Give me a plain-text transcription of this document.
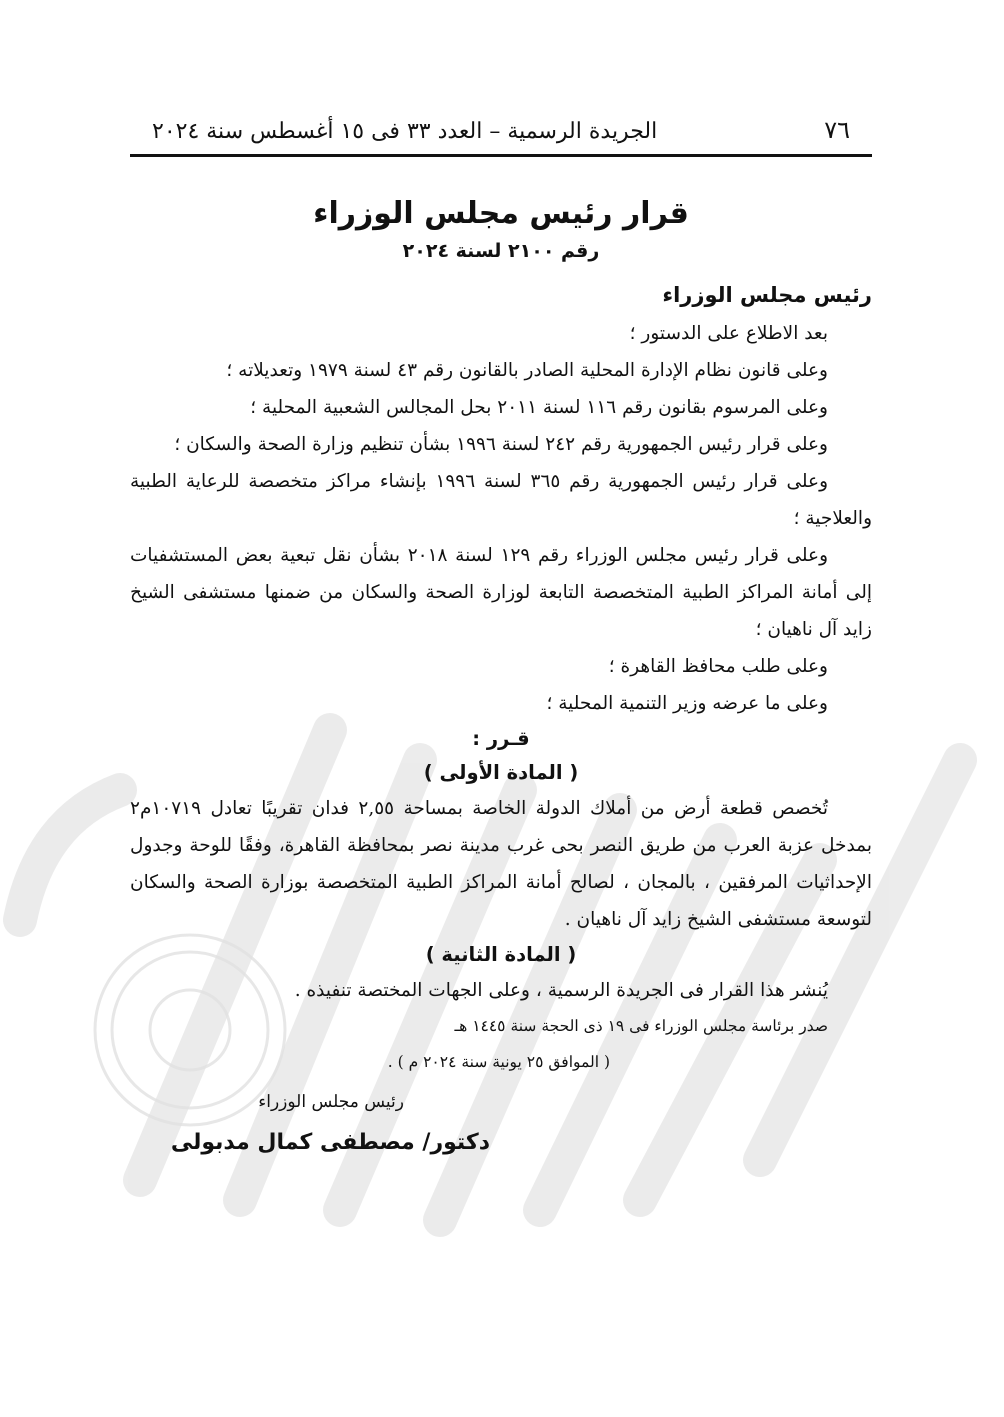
٧٦
الجريدة الرسمية – العدد ٣٣ فى ١٥ أغسطس سنة ٢٠٢٤
قرار رئيس مجلس الوزراء
رقم ٢١٠٠ لسنة ٢٠٢٤
رئيس مجلس الوزراء

بعد الاطلاع على الدستور ؛

وعلى قانون نظام الإدارة المحلية الصادر بالقانون رقم ٤٣ لسنة ١٩٧٩ وتعديلاته ؛

وعلى المرسوم بقانون رقم ١١٦ لسنة ٢٠١١ بحل المجالس الشعبية المحلية ؛

وعلى قرار رئيس الجمهورية رقم ٢٤٢ لسنة ١٩٩٦ بشأن تنظيم وزارة الصحة والسكان ؛

وعلى قرار رئيس الجمهورية رقم ٣٦٥ لسنة ١٩٩٦ بإنشاء مراكز متخصصة للرعاية الطبية والعلاجية ؛

وعلى قرار رئيس مجلس الوزراء رقم ١٢٩ لسنة ٢٠١٨ بشأن نقل تبعية بعض المستشفيات إلى أمانة المراكز الطبية المتخصصة التابعة لوزارة الصحة والسكان من ضمنها مستشفى الشيخ زايد آل ناهيان ؛

وعلى طلب محافظ القاهرة ؛

وعلى ما عرضه وزير التنمية المحلية ؛

قـرر :
( المادة الأولى )

تُخصص قطعة أرض من أملاك الدولة الخاصة بمساحة ٢,٥٥ فدان تقريبًا تعادل ١٠٧١٩م٢ بمدخل عزبة العرب من طريق النصر بحى غرب مدينة نصر بمحافظة القاهرة، وفقًا للوحة وجدول الإحداثيات المرفقين ، بالمجان ، لصالح أمانة المراكز الطبية المتخصصة بوزارة الصحة والسكان لتوسعة مستشفى الشيخ زايد آل ناهيان .

( المادة الثانية )

يُنشر هذا القرار فى الجريدة الرسمية ، وعلى الجهات المختصة تنفيذه .

صدر برئاسة مجلس الوزراء فى ١٩ ذى الحجة سنة ١٤٤٥ هـ
( الموافق ٢٥ يونية سنة ٢٠٢٤ م ) .
رئيس مجلس الوزراء
دكتور/ مصطفى كمال مدبولى
